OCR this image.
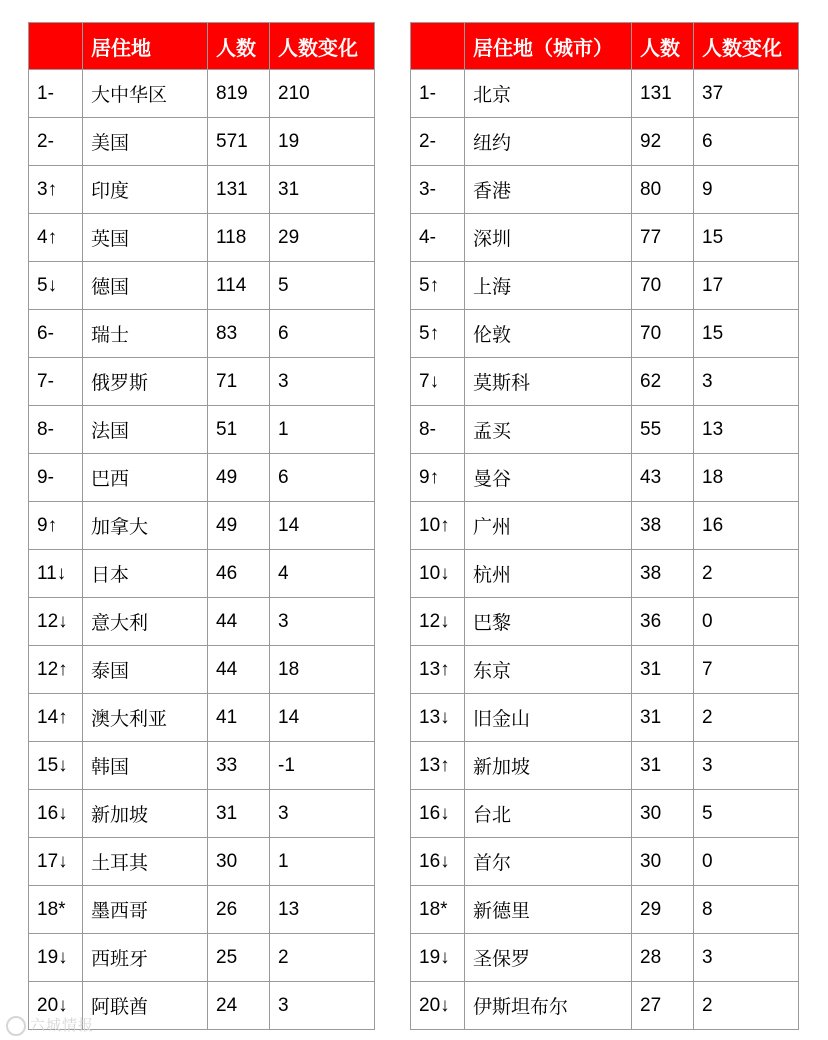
	居住地	人数	人数变化
1-	大中华区	819	210
2-	美国	571	19
3↑	印度	131	31
4↑	英国	118	29
5↓	德国	114	5
6-	瑞士	83	6
7-	俄罗斯	71	3
8-	法国	51	1
9-	巴西	49	6
9↑	加拿大	49	14
11↓	日本	46	4
12↓	意大利	44	3
12↑	泰国	44	18
14↑	澳大利亚	41	14
15↓	韩国	33	-1
16↓	新加坡	31	3
17↓	土耳其	30	1
18*	墨西哥	26	13
19↓	西班牙	25	2
20↓	阿联酋	24	3
	居住地（城市）	人数	人数变化
1-	北京	131	37
2-	纽约	92	6
3-	香港	80	9
4-	深圳	77	15
5↑	上海	70	17
5↑	伦敦	70	15
7↓	莫斯科	62	3
8-	孟买	55	13
9↑	曼谷	43	18
10↑	广州	38	16
10↓	杭州	38	2
12↓	巴黎	36	0
13↑	东京	31	7
13↓	旧金山	31	2
13↑	新加坡	31	3
16↓	台北	30	5
16↓	首尔	30	0
18*	新德里	29	8
19↓	圣保罗	28	3
20↓	伊斯坦布尔	27	2
六城情报
